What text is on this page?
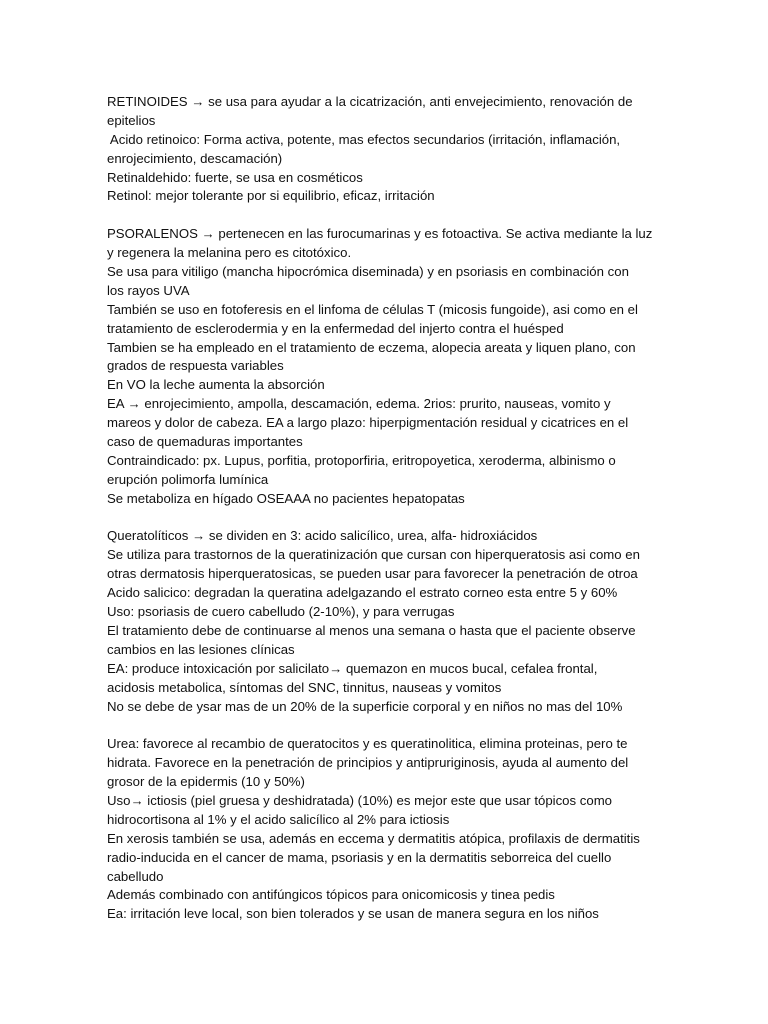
RETINOIDES → se usa para ayudar a la cicatrización, anti envejecimiento, renovación de
epitelios
Acido retinoico: Forma activa, potente, mas efectos secundarios (irritación, inflamación,
enrojecimiento, descamación)
Retinaldehido: fuerte, se usa en cosméticos
Retinol: mejor tolerante por si equilibrio, eficaz, irritación
PSORALENOS → pertenecen en las furocumarinas y es fotoactiva. Se activa mediante la luz
y regenera la melanina pero es citotóxico.
Se usa para vitiligo (mancha hipocrómica diseminada) y en psoriasis en combinación con
los rayos UVA
También se uso en fotoferesis en el linfoma de células T (micosis fungoide), asi como en el
tratamiento de esclerodermia y en la enfermedad del injerto contra el huésped
Tambien se ha empleado en el tratamiento de eczema, alopecia areata y liquen plano, con
grados de respuesta variables
En VO la leche aumenta la absorción
EA → enrojecimiento, ampolla, descamación, edema. 2rios: prurito, nauseas, vomito y
mareos y dolor de cabeza. EA a largo plazo: hiperpigmentación residual y cicatrices en el
caso de quemaduras importantes
Contraindicado: px. Lupus, porfitia, protoporfiria, eritropoyetica, xeroderma, albinismo o
erupción polimorfa lumínica
Se metaboliza en hígado OSEAAA no pacientes hepatopatas
Queratolíticos → se dividen en 3: acido salicílico, urea, alfa- hidroxiácidos
Se utiliza para trastornos de la queratinización que cursan con hiperqueratosis asi como en
otras dermatosis hiperqueratosicas, se pueden usar para favorecer la penetración de otroa
Acido salicico: degradan la queratina adelgazando el estrato corneo esta entre 5 y 60%
Uso: psoriasis de cuero cabelludo (2-10%), y para verrugas
El tratamiento debe de continuarse al menos una semana o hasta que el paciente observe
cambios en las lesiones clínicas
EA: produce intoxicación por salicilato→ quemazon en mucos bucal, cefalea frontal,
acidosis metabolica, síntomas del SNC, tinnitus, nauseas y vomitos
No se debe de ysar mas de un 20% de la superficie corporal y en niños no mas del 10%
Urea: favorece al recambio de queratocitos y es queratinolitica, elimina proteinas, pero te
hidrata. Favorece en la penetración de principios y antipruriginosis, ayuda al aumento del
grosor de la epidermis (10 y 50%)
Uso→ ictiosis (piel gruesa y deshidratada) (10%) es mejor este que usar tópicos como
hidrocortisona al 1% y el acido salicílico al 2% para ictiosis
En xerosis también se usa, además en eccema y dermatitis atópica, profilaxis de dermatitis
radio-inducida en el cancer de mama, psoriasis y en la dermatitis seborreica del cuello
cabelludo
Además combinado con antifúngicos tópicos para onicomicosis y tinea pedis
Ea: irritación leve local, son bien tolerados y se usan de manera segura en los niños
